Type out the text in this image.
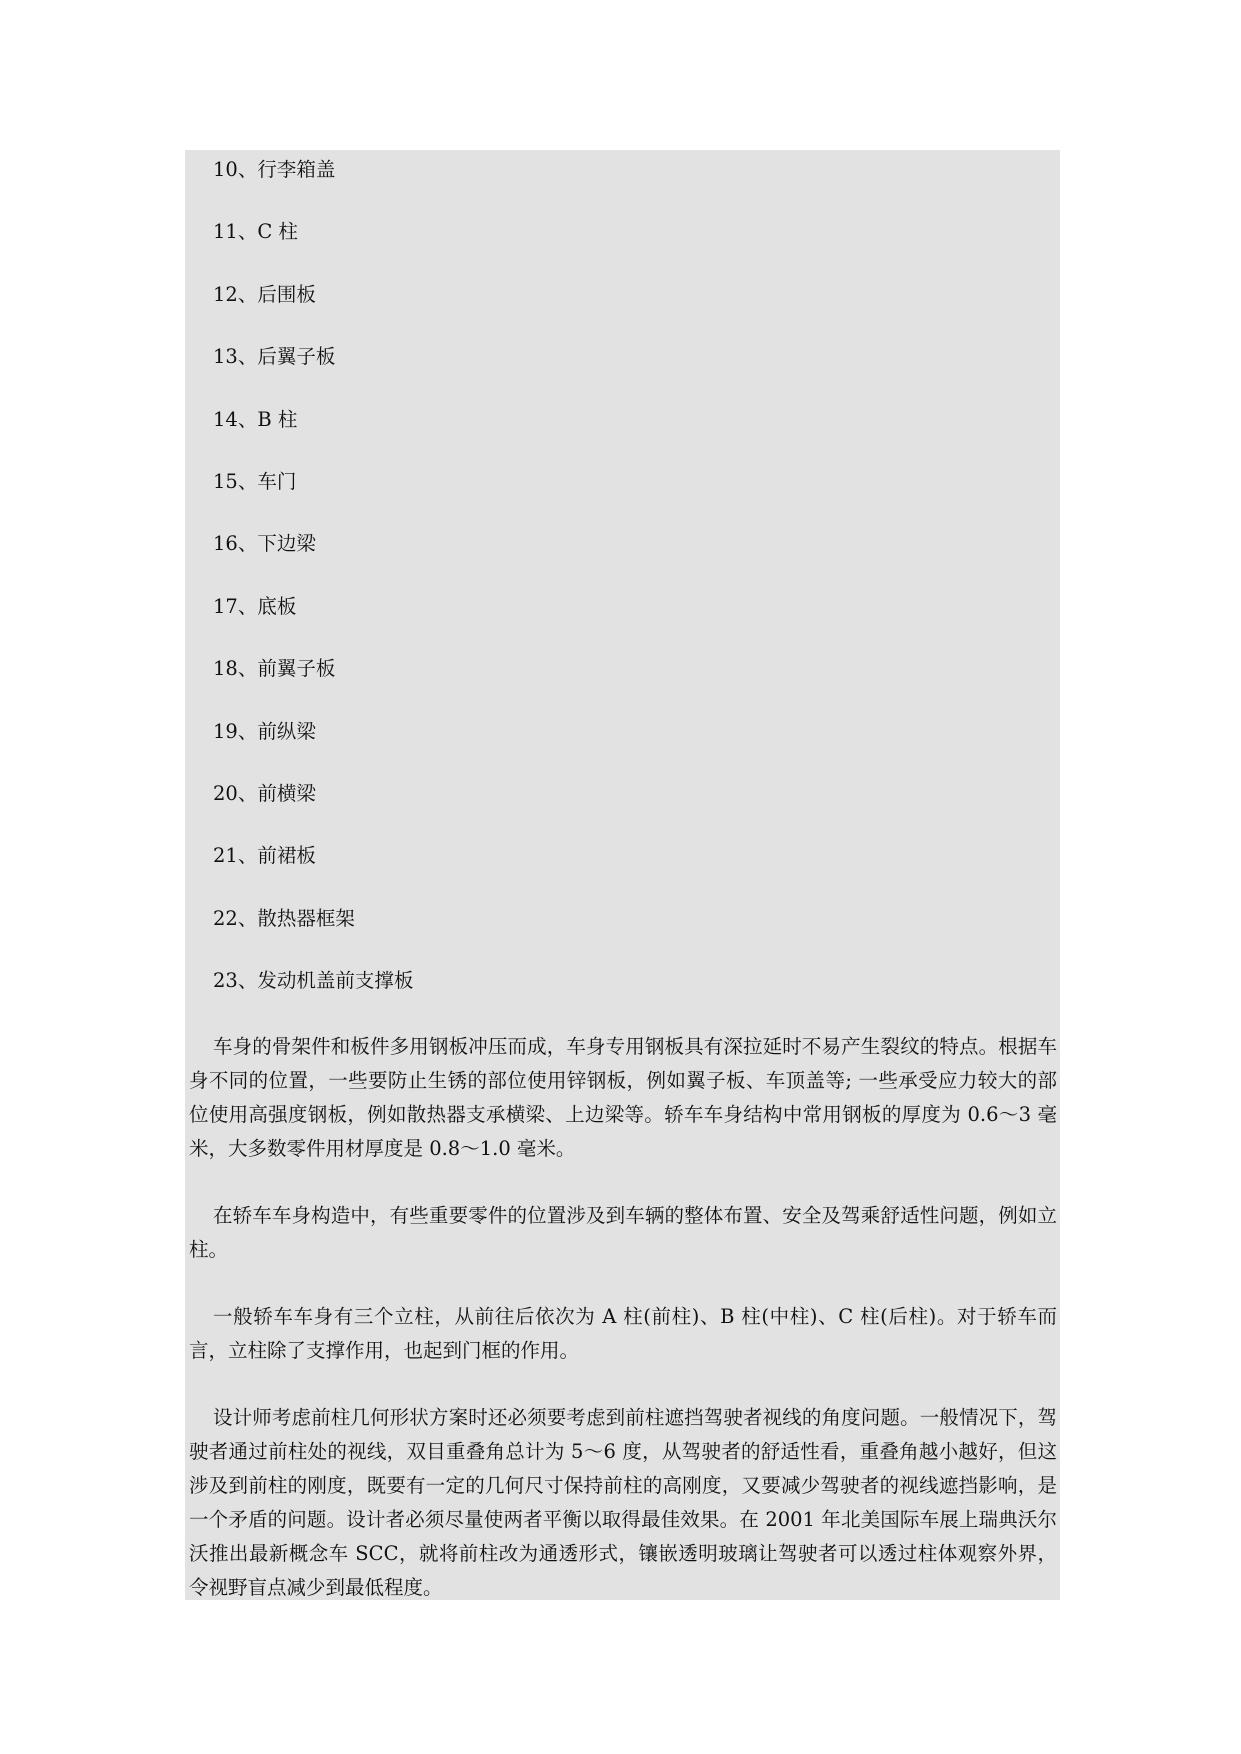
10、行李箱盖
11、C 柱
12、后围板
13、后翼子板
14、B 柱
15、车门
16、下边梁
17、底板
18、前翼子板
19、前纵梁
20、前横梁
21、前裙板
22、散热器框架
23、发动机盖前支撑板

车身的骨架件和板件多用钢板冲压而成，车身专用钢板具有深拉延时不易产生裂纹的特点。根据车身不同的位置，一些要防止生锈的部位使用锌钢板，例如翼子板、车顶盖等; 一些承受应力较大的部位使用高强度钢板，例如散热器支承横梁、上边梁等。轿车车身结构中常用钢板的厚度为 0.6～3 毫米，大多数零件用材厚度是 0.8～1.0 毫米。

在轿车车身构造中，有些重要零件的位置涉及到车辆的整体布置、安全及驾乘舒适性问题，例如立柱。

一般轿车车身有三个立柱，从前往后依次为 A 柱(前柱)、B 柱(中柱)、C 柱(后柱)。对于轿车而言，立柱除了支撑作用，也起到门框的作用。

设计师考虑前柱几何形状方案时还必须要考虑到前柱遮挡驾驶者视线的角度问题。一般情况下，驾驶者通过前柱处的视线，双目重叠角总计为 5～6 度，从驾驶者的舒适性看，重叠角越小越好，但这涉及到前柱的刚度，既要有一定的几何尺寸保持前柱的高刚度，又要减少驾驶者的视线遮挡影响，是一个矛盾的问题。设计者必须尽量使两者平衡以取得最佳效果。在 2001 年北美国际车展上瑞典沃尔沃推出最新概念车 SCC，就将前柱改为通透形式，镶嵌透明玻璃让驾驶者可以透过柱体观察外界，令视野盲点减少到最低程度。
